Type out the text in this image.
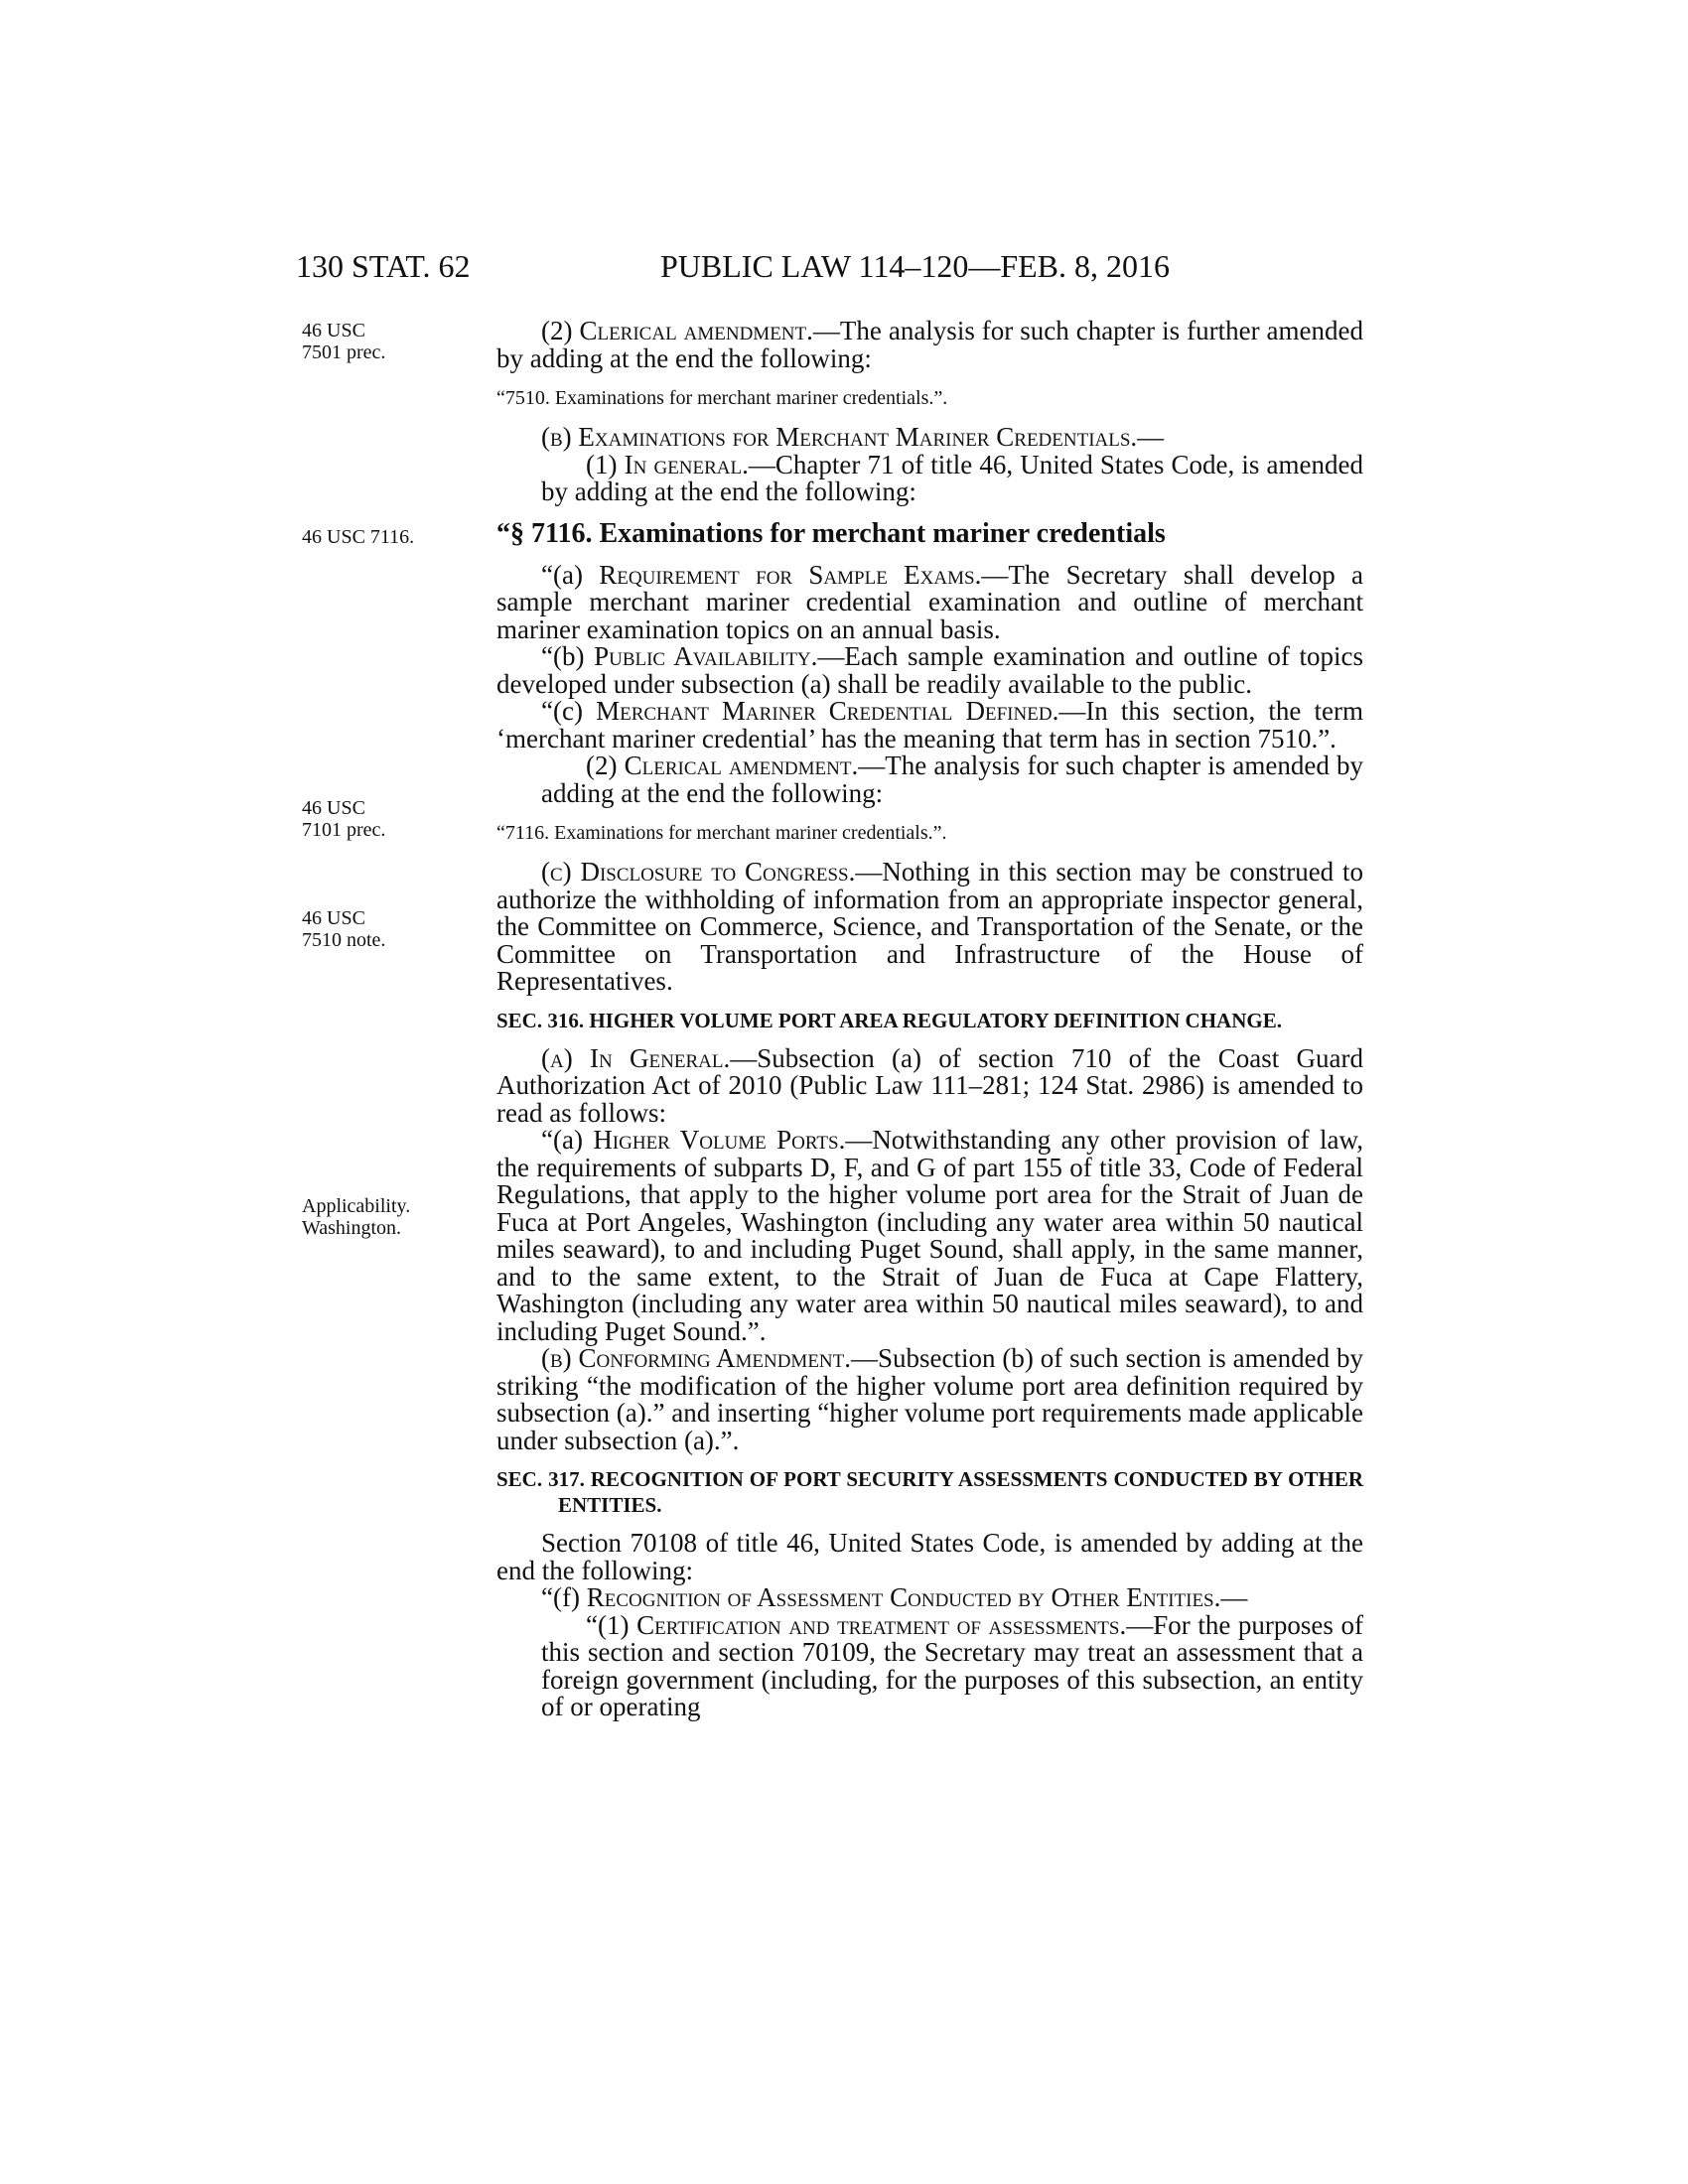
130 STAT. 62	PUBLIC LAW 114–120—FEB. 8, 2016
46 USC
7501 prec.
46 USC 7116.
46 USC
7101 prec.
46 USC
7510 note.
Applicability.
Washington.

(2) Clerical amendment.—The analysis for such chapter is further amended by adding at the end the following:

“7510. Examinations for merchant mariner credentials.”.

(b) Examinations for Merchant Mariner Credentials.—

(1) In general.—Chapter 71 of title 46, United States Code, is amended by adding at the end the following:

“§ 7116. Examinations for merchant mariner credentials

“(a) Requirement for Sample Exams.—The Secretary shall develop a sample merchant mariner credential examination and outline of merchant mariner examination topics on an annual basis.

“(b) Public Availability.—Each sample examination and outline of topics developed under subsection (a) shall be readily available to the public.

“(c) Merchant Mariner Credential Defined.—In this section, the term ‘merchant mariner credential’ has the meaning that term has in section 7510.”.

(2) Clerical amendment.—The analysis for such chapter is amended by adding at the end the following:

“7116. Examinations for merchant mariner credentials.”.

(c) Disclosure to Congress.—Nothing in this section may be construed to authorize the withholding of information from an appropriate inspector general, the Committee on Commerce, Science, and Transportation of the Senate, or the Committee on Transportation and Infrastructure of the House of Representatives.

SEC. 316. HIGHER VOLUME PORT AREA REGULATORY DEFINITION CHANGE.

(a) In General.—Subsection (a) of section 710 of the Coast Guard Authorization Act of 2010 (Public Law 111–281; 124 Stat. 2986) is amended to read as follows:

“(a) Higher Volume Ports.—Notwithstanding any other provision of law, the requirements of subparts D, F, and G of part 155 of title 33, Code of Federal Regulations, that apply to the higher volume port area for the Strait of Juan de Fuca at Port Angeles, Washington (including any water area within 50 nautical miles seaward), to and including Puget Sound, shall apply, in the same manner, and to the same extent, to the Strait of Juan de Fuca at Cape Flattery, Washington (including any water area within 50 nautical miles seaward), to and including Puget Sound.”.

(b) Conforming Amendment.—Subsection (b) of such section is amended by striking “the modification of the higher volume port area definition required by subsection (a).” and inserting “higher volume port requirements made applicable under subsection (a).”.

SEC. 317. RECOGNITION OF PORT SECURITY ASSESSMENTS CONDUCTED BY OTHER ENTITIES.

Section 70108 of title 46, United States Code, is amended by adding at the end the following:

“(f) Recognition of Assessment Conducted by Other Entities.—

“(1) Certification and treatment of assessments.—For the purposes of this section and section 70109, the Secretary may treat an assessment that a foreign government (including, for the purposes of this subsection, an entity of or operating
